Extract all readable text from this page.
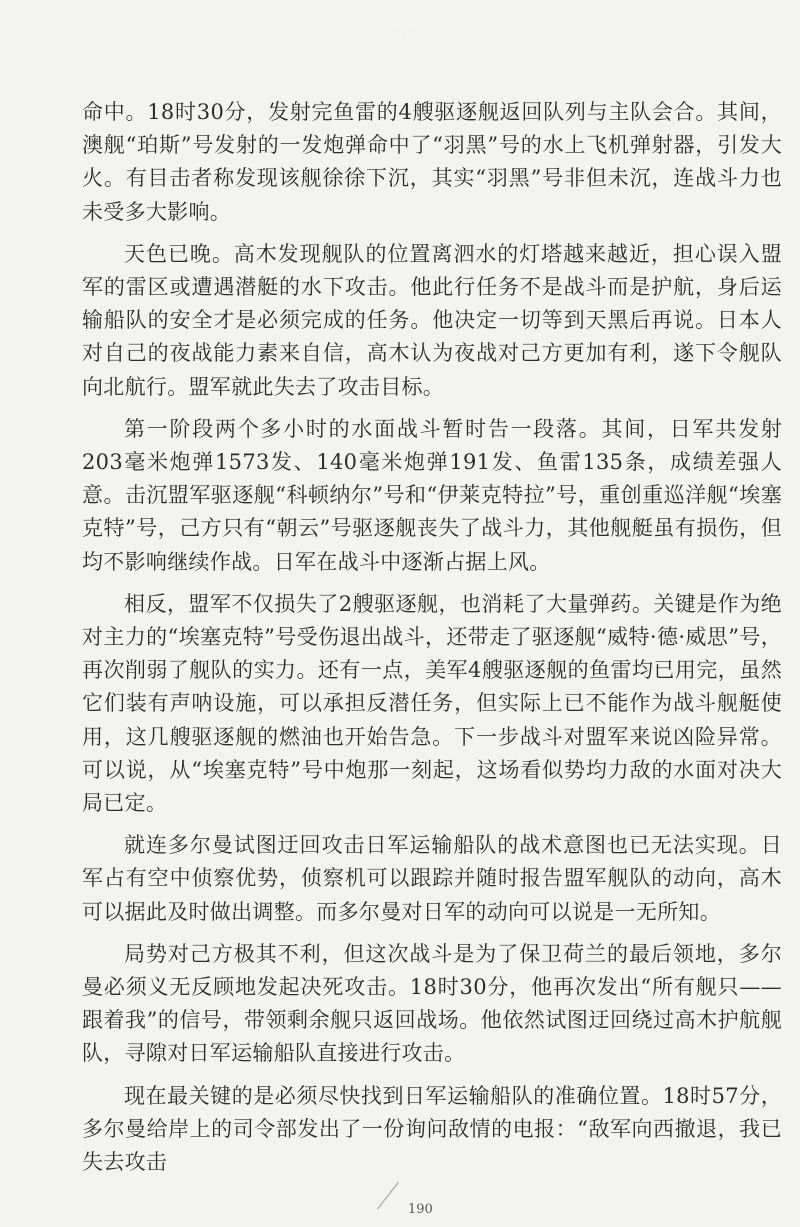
· · ·

命中。18时30分，发射完鱼雷的4艘驱逐舰返回队列与主队会合。其间，澳舰“珀斯”号发射的一发炮弹命中了“羽黑”号的水上飞机弹射器，引发大火。有目击者称发现该舰徐徐下沉，其实“羽黑”号非但未沉，连战斗力也未受多大影响。

天色已晚。高木发现舰队的位置离泗水的灯塔越来越近，担心误入盟军的雷区或遭遇潜艇的水下攻击。他此行任务不是战斗而是护航，身后运输船队的安全才是必须完成的任务。他决定一切等到天黑后再说。日本人对自己的夜战能力素来自信，高木认为夜战对己方更加有利，遂下令舰队向北航行。盟军就此失去了攻击目标。

第一阶段两个多小时的水面战斗暂时告一段落。其间，日军共发射203毫米炮弹1573发、140毫米炮弹191发、鱼雷135条，成绩差强人意。击沉盟军驱逐舰“科顿纳尔”号和“伊莱克特拉”号，重创重巡洋舰“埃塞克特”号，己方只有“朝云”号驱逐舰丧失了战斗力，其他舰艇虽有损伤，但均不影响继续作战。日军在战斗中逐渐占据上风。

相反，盟军不仅损失了2艘驱逐舰，也消耗了大量弹药。关键是作为绝对主力的“埃塞克特”号受伤退出战斗，还带走了驱逐舰“威特·德·威思”号，再次削弱了舰队的实力。还有一点，美军4艘驱逐舰的鱼雷均已用完，虽然它们装有声呐设施，可以承担反潜任务，但实际上已不能作为战斗舰艇使用，这几艘驱逐舰的燃油也开始告急。下一步战斗对盟军来说凶险异常。可以说，从“埃塞克特”号中炮那一刻起，这场看似势均力敌的水面对决大局已定。

就连多尔曼试图迂回攻击日军运输船队的战术意图也已无法实现。日军占有空中侦察优势，侦察机可以跟踪并随时报告盟军舰队的动向，高木可以据此及时做出调整。而多尔曼对日军的动向可以说是一无所知。

局势对己方极其不利，但这次战斗是为了保卫荷兰的最后领地，多尔曼必须义无反顾地发起决死攻击。18时30分，他再次发出“所有舰只——跟着我”的信号，带领剩余舰只返回战场。他依然试图迂回绕过高木护航舰队，寻隙对日军运输船队直接进行攻击。

现在最关键的是必须尽快找到日军运输船队的准确位置。18时57分，多尔曼给岸上的司令部发出了一份询问敌情的电报：“敌军向西撤退，我已失去攻击

190
